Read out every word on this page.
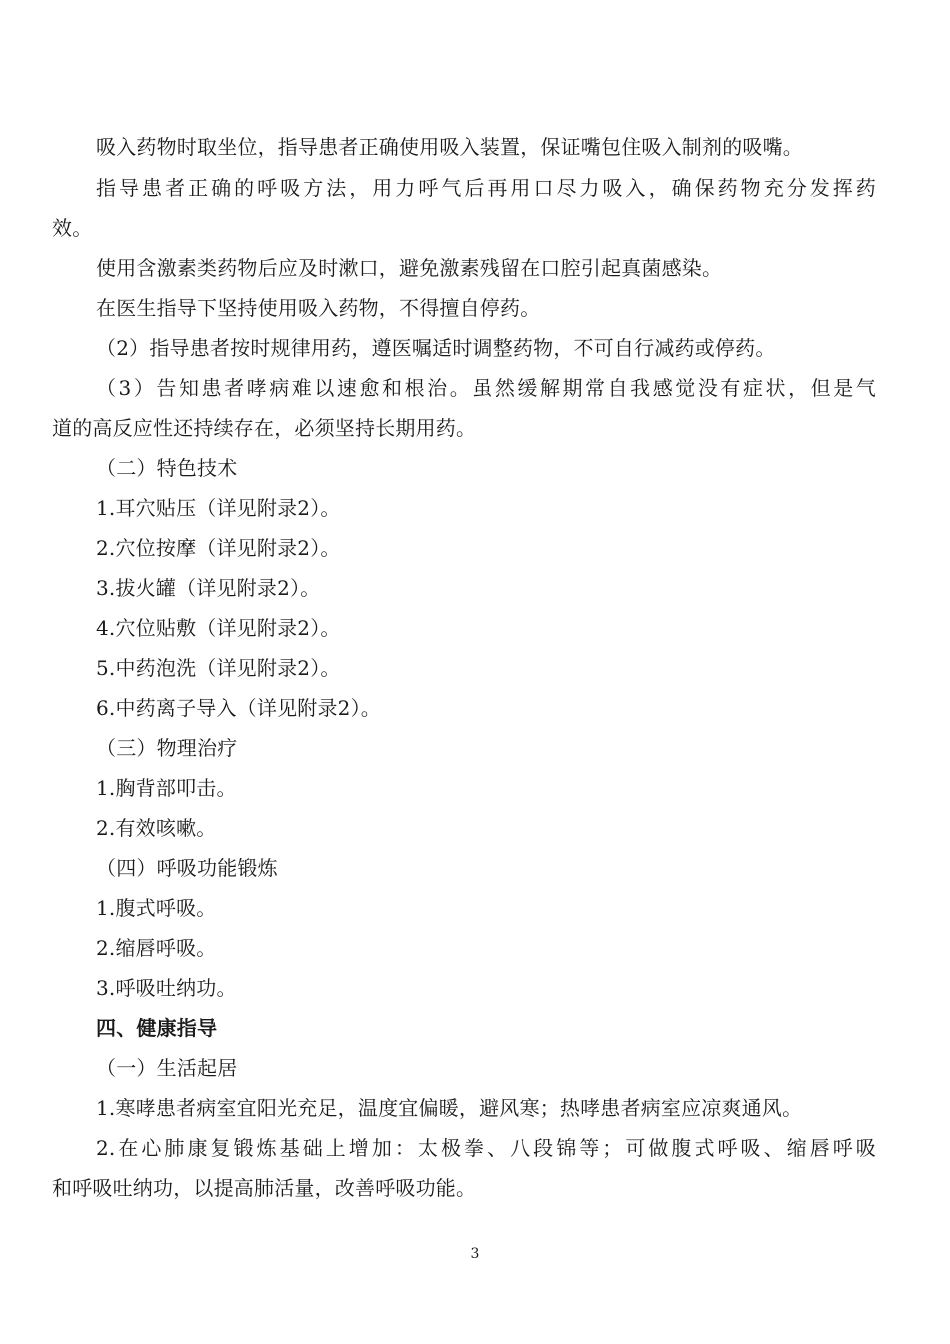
吸入药物时取坐位，指导患者正确使用吸入装置，保证嘴包住吸入制剂的吸嘴。
指导患者正确的呼吸方法，用力呼气后再用口尽力吸入，确保药物充分发挥药
效。
使用含激素类药物后应及时漱口，避免激素残留在口腔引起真菌感染。
在医生指导下坚持使用吸入药物，不得擅自停药。
（2）指导患者按时规律用药，遵医嘱适时调整药物，不可自行减药或停药。
（3）告知患者哮病难以速愈和根治。虽然缓解期常自我感觉没有症状，但是气
道的高反应性还持续存在，必须坚持长期用药。
（二）特色技术
1.耳穴贴压（详见附录2）。
2.穴位按摩（详见附录2）。
3.拔火罐（详见附录2）。
4.穴位贴敷（详见附录2）。
5.中药泡洗（详见附录2）。
6.中药离子导入（详见附录2）。
（三）物理治疗
1.胸背部叩击。
2.有效咳嗽。
（四）呼吸功能锻炼
1.腹式呼吸。
2.缩唇呼吸。
3.呼吸吐纳功。
四、健康指导
（一）生活起居
1.寒哮患者病室宜阳光充足，温度宜偏暖，避风寒；热哮患者病室应凉爽通风。
2.在心肺康复锻炼基础上增加：太极拳、八段锦等；可做腹式呼吸、缩唇呼吸
和呼吸吐纳功，以提高肺活量，改善呼吸功能。
3
